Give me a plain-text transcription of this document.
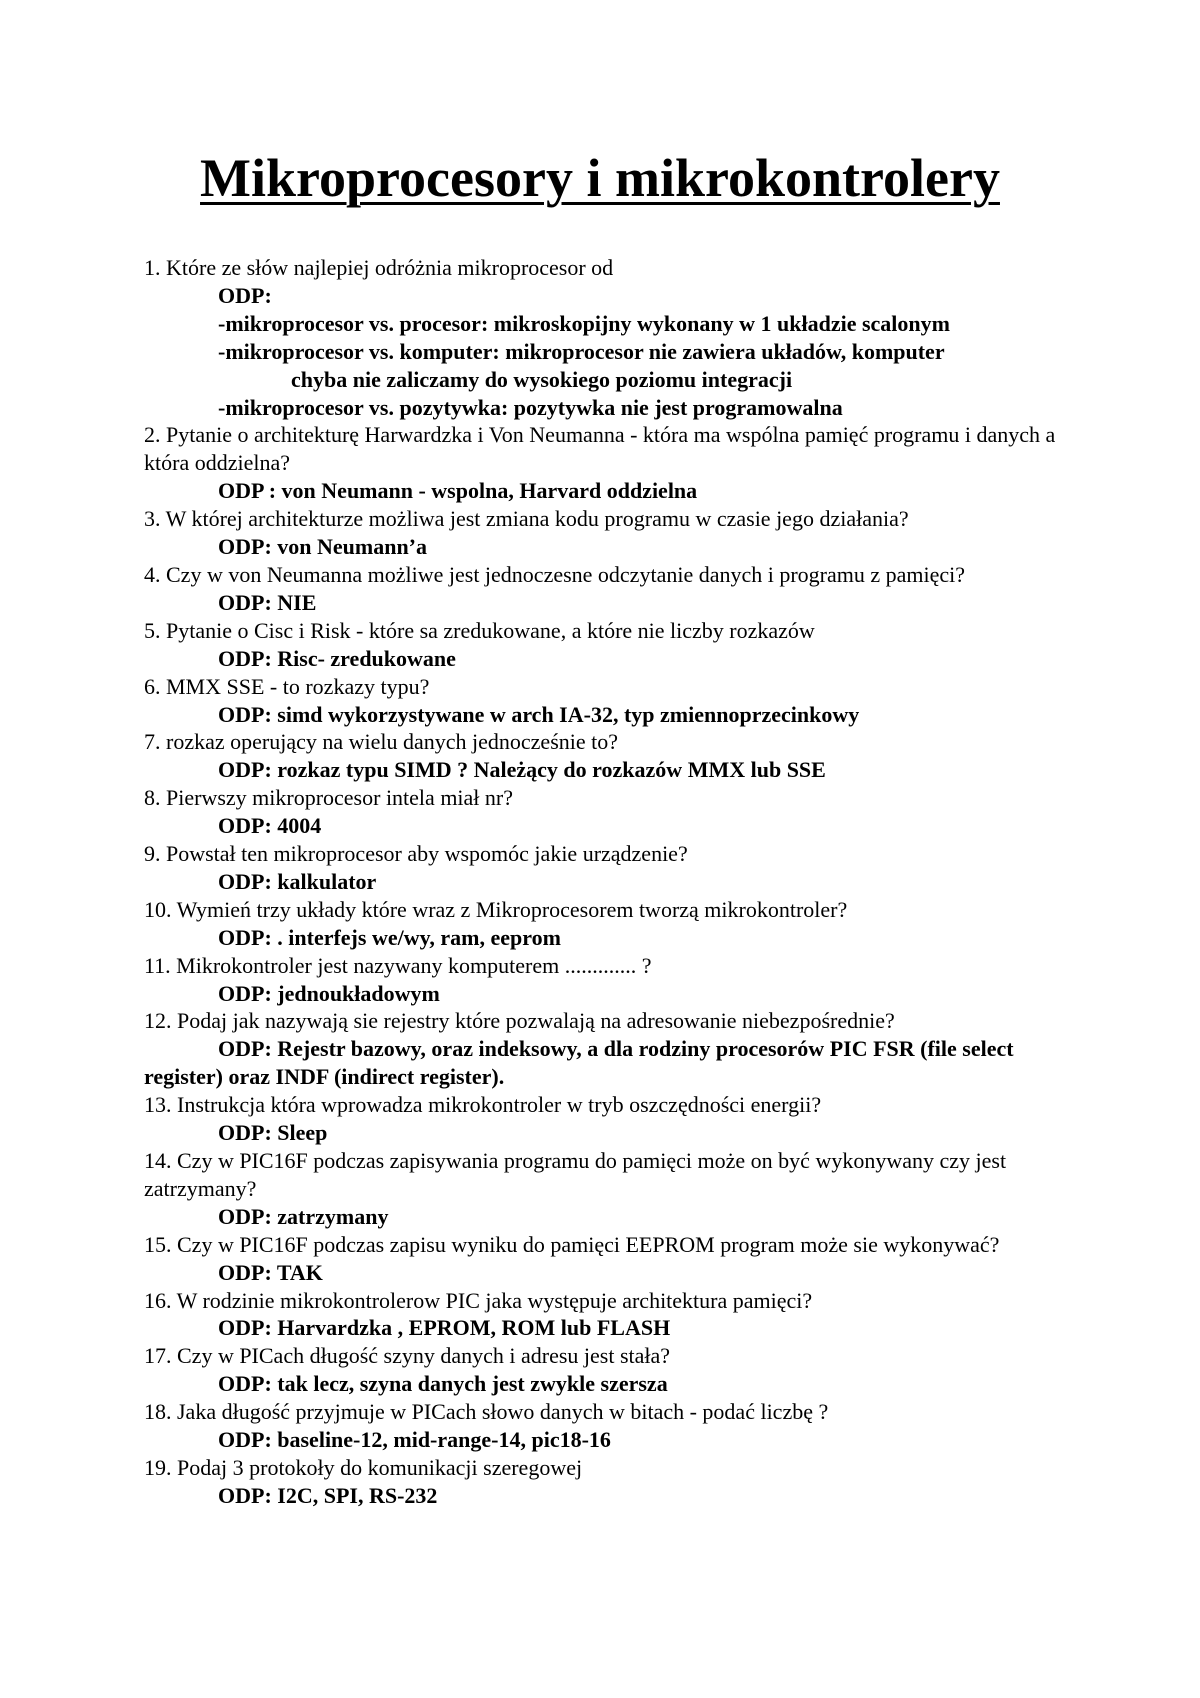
Mikroprocesory i mikrokontrolery
1. Które ze słów najlepiej odróżnia mikroprocesor od
ODP:
-mikroprocesor vs. procesor: mikroskopijny wykonany w 1 układzie scalonym
-mikroprocesor vs. komputer: mikroprocesor nie zawiera układów, komputer
chyba nie zaliczamy do wysokiego poziomu integracji
-mikroprocesor vs. pozytywka: pozytywka nie jest programowalna
2. Pytanie o architekturę Harwardzka i Von Neumanna - która ma wspólna pamięć programu i danych a która oddzielna?
ODP : von Neumann - wspolna, Harvard oddzielna
3. W której architekturze możliwa jest zmiana kodu programu w czasie jego działania?
ODP: von Neumann’a
4. Czy w von Neumanna możliwe jest jednoczesne odczytanie danych i programu z pamięci?
ODP: NIE
5. Pytanie o Cisc i Risk - które sa zredukowane, a które nie liczby rozkazów
ODP: Risc- zredukowane
6. MMX SSE - to rozkazy typu?
ODP: simd wykorzystywane w arch IA-32, typ zmiennoprzecinkowy
7. rozkaz operujący na wielu danych jednocześnie to?
ODP: rozkaz typu SIMD ? Należący do rozkazów MMX lub SSE
8. Pierwszy mikroprocesor intela miał nr?
ODP: 4004
9. Powstał ten mikroprocesor aby wspomóc jakie urządzenie?
ODP: kalkulator
10. Wymień trzy układy które wraz z Mikroprocesorem tworzą mikrokontroler?
ODP: . interfejs we/wy, ram, eeprom
11. Mikrokontroler jest nazywany komputerem ............. ?
ODP: jednoukładowym
12. Podaj jak nazywają sie rejestry które pozwalają na adresowanie niebezpośrednie?
ODP: Rejestr bazowy, oraz indeksowy, a dla rodziny procesorów PIC FSR (file select register) oraz INDF (indirect register).
13. Instrukcja która wprowadza mikrokontroler w tryb oszczędności energii?
ODP: Sleep
14. Czy w PIC16F podczas zapisywania programu do pamięci może on być wykonywany czy jest zatrzymany?
ODP: zatrzymany
15. Czy w PIC16F podczas zapisu wyniku do pamięci EEPROM program może sie wykonywać?
ODP: TAK
16. W rodzinie mikrokontrolerow PIC jaka występuje architektura pamięci?
ODP: Harvardzka , EPROM, ROM lub FLASH
17. Czy w PICach długość szyny danych i adresu jest stała?
ODP: tak lecz, szyna danych jest zwykle szersza
18. Jaka długość przyjmuje w PICach słowo danych w bitach - podać liczbę ?
ODP: baseline-12, mid-range-14, pic18-16
19. Podaj 3 protokoły do komunikacji szeregowej
ODP: I2C, SPI, RS-232
